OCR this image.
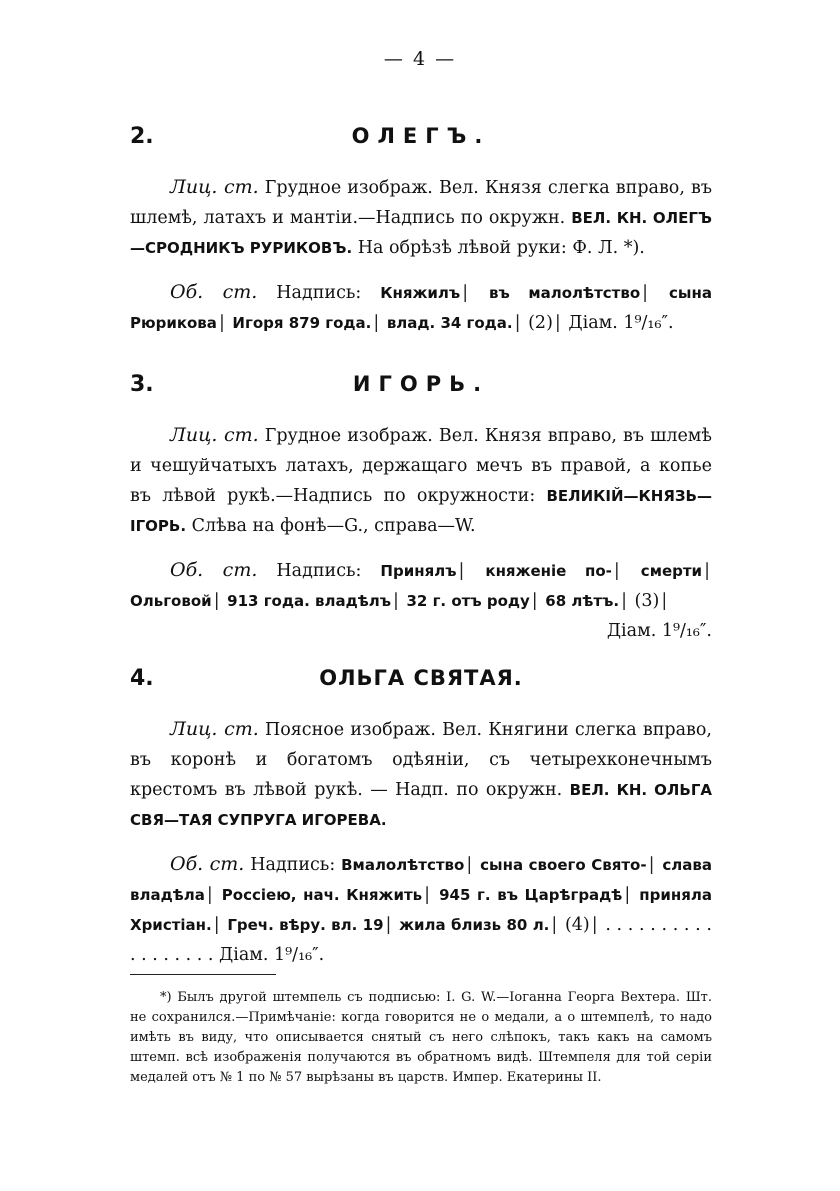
— 4 —
2.	ОЛЕГЪ.

Лиц. ст. Грудное изображ. Вел. Князя слегка вправо, въ шлемѣ, латахъ и мантіи.—Надпись по окружн. ВЕЛ. КН. ОЛЕГЪ—СРОДНИКЪ РУРИКОВЪ. На обрѣзѣ лѣвой руки: Ф. Л. *).

Об. ст. Надпись: Княжилъ | въ малолѣтство | сына Рюрикова | Игоря 879 года. | влад. 34 года. | (2) | Діам. 1⁹/₁₆″.

3.	ИГОРЬ.

Лиц. ст. Грудное изображ. Вел. Князя вправо, въ шлемѣ и чешуйчатыхъ латахъ, держащаго мечъ въ правой, а копье въ лѣвой рукѣ.—Надпись по окружности: ВЕЛИКІЙ—КНЯЗЬ—ІГОРЬ. Слѣва на фонѣ—G., справа—W.

Об. ст. Надпись: Принялъ | княженіе по- | смерти | Ольговой | 913 года. владѣлъ | 32 г. отъ роду | 68 лѣтъ. | (3) |

Діам. 1⁹/₁₆″.
4.	ОЛЬГА СВЯТАЯ.

Лиц. ст. Поясное изображ. Вел. Княгини слегка вправо, въ коронѣ и богатомъ одѣяніи, съ четырехконечнымъ крестомъ въ лѣвой рукѣ. — Надп. по окружн. ВЕЛ. КН. ОЛЬГА СВЯ—ТАЯ СУПРУГА ИГОРЕВА.

Об. ст. Надпись: Вмалолѣтство | сына своего Свято- | слава владѣла | Россіею, нач. Княжить | 945 г. въ Царѣградѣ | приняла Христіан. | Греч. вѣру. вл. 19 | жила близь 80 л. | (4) | . . . . . . . . . . . . . . . . . . Діам. 1⁹/₁₆″.

*) Былъ другой штемпель съ подписью: I. G. W.—Іоганна Георга Вехтера. Шт. не сохранился.—Примѣчаніе: когда говорится не о медали, а о штемпелѣ, то надо имѣть въ виду, что описывается снятый съ него слѣпокъ, такъ какъ на самомъ штемп. всѣ изображенія получаются въ обратномъ видѣ. Штемпеля для той серіи медалей отъ № 1 по № 57 вырѣзаны въ царств. Импер. Екатерины II.
